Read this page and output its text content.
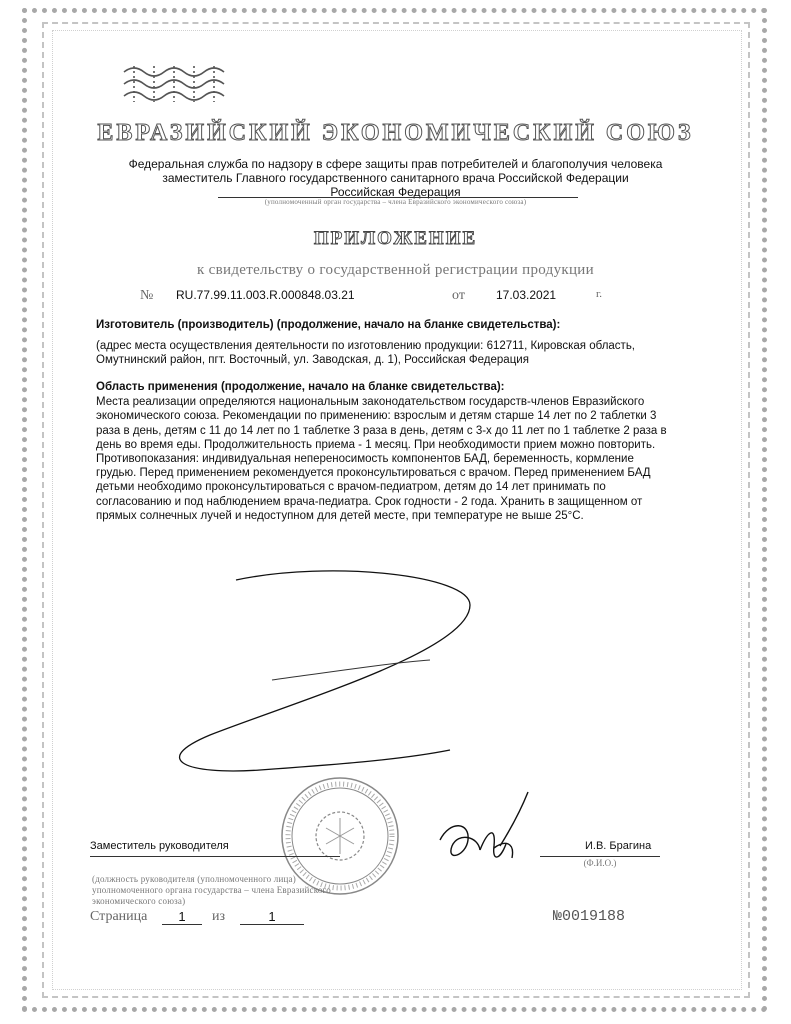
ЕВРАЗИЙСКИЙ ЭКОНОМИЧЕСКИЙ СОЮЗ
Федеральная служба по надзору в сфере защиты прав потребителей и благополучия человека
заместитель Главного государственного санитарного врача Российской Федерации
Российская Федерация
(уполномоченный орган государства – члена Евразийского экономического союза)
ПРИЛОЖЕНИЕ
к свидетельству о государственной регистрации продукции
№ RU.77.99.11.003.R.000848.03.21	от	17.03.2021	г.
Изготовитель (производитель) (продолжение, начало на бланке свидетельства):
(адрес места осуществления деятельности по изготовлению продукции: 612711, Кировская область, Омутнинский район, пгт. Восточный, ул. Заводская, д. 1), Российская Федерация
Область применения (продолжение, начало на бланке свидетельства):
Места реализации определяются национальным законодательством государств-членов Евразийского экономического союза. Рекомендации по применению: взрослым и детям старше 14 лет по 2 таблетки 3 раза в день, детям с 11 до 14 лет по 1 таблетке 3 раза в день, детям с 3-х до 11 лет по 1 таблетке 2 раза в день во время еды. Продолжительность приема - 1 месяц. При необходимости прием можно повторить. Противопоказания: индивидуальная непереносимость компонентов БАД, беременность, кормление грудью. Перед применением рекомендуется проконсультироваться с врачом. Перед применением БАД детьми необходимо проконсультироваться с врачом-педиатром, детям до 14 лет принимать по согласованию и под наблюдением врача-педиатра. Срок годности - 2 года. Хранить в защищенном от прямых солнечных лучей и недоступном для детей месте, при температуре не выше 25°C.
Заместитель руководителя	И.В. Брагина
(Ф.И.О.)
(должность руководителя (уполномоченного лица) уполномоченного органа государства – члена Евразийского экономического союза)
Страница	1	из	1	№0019188
